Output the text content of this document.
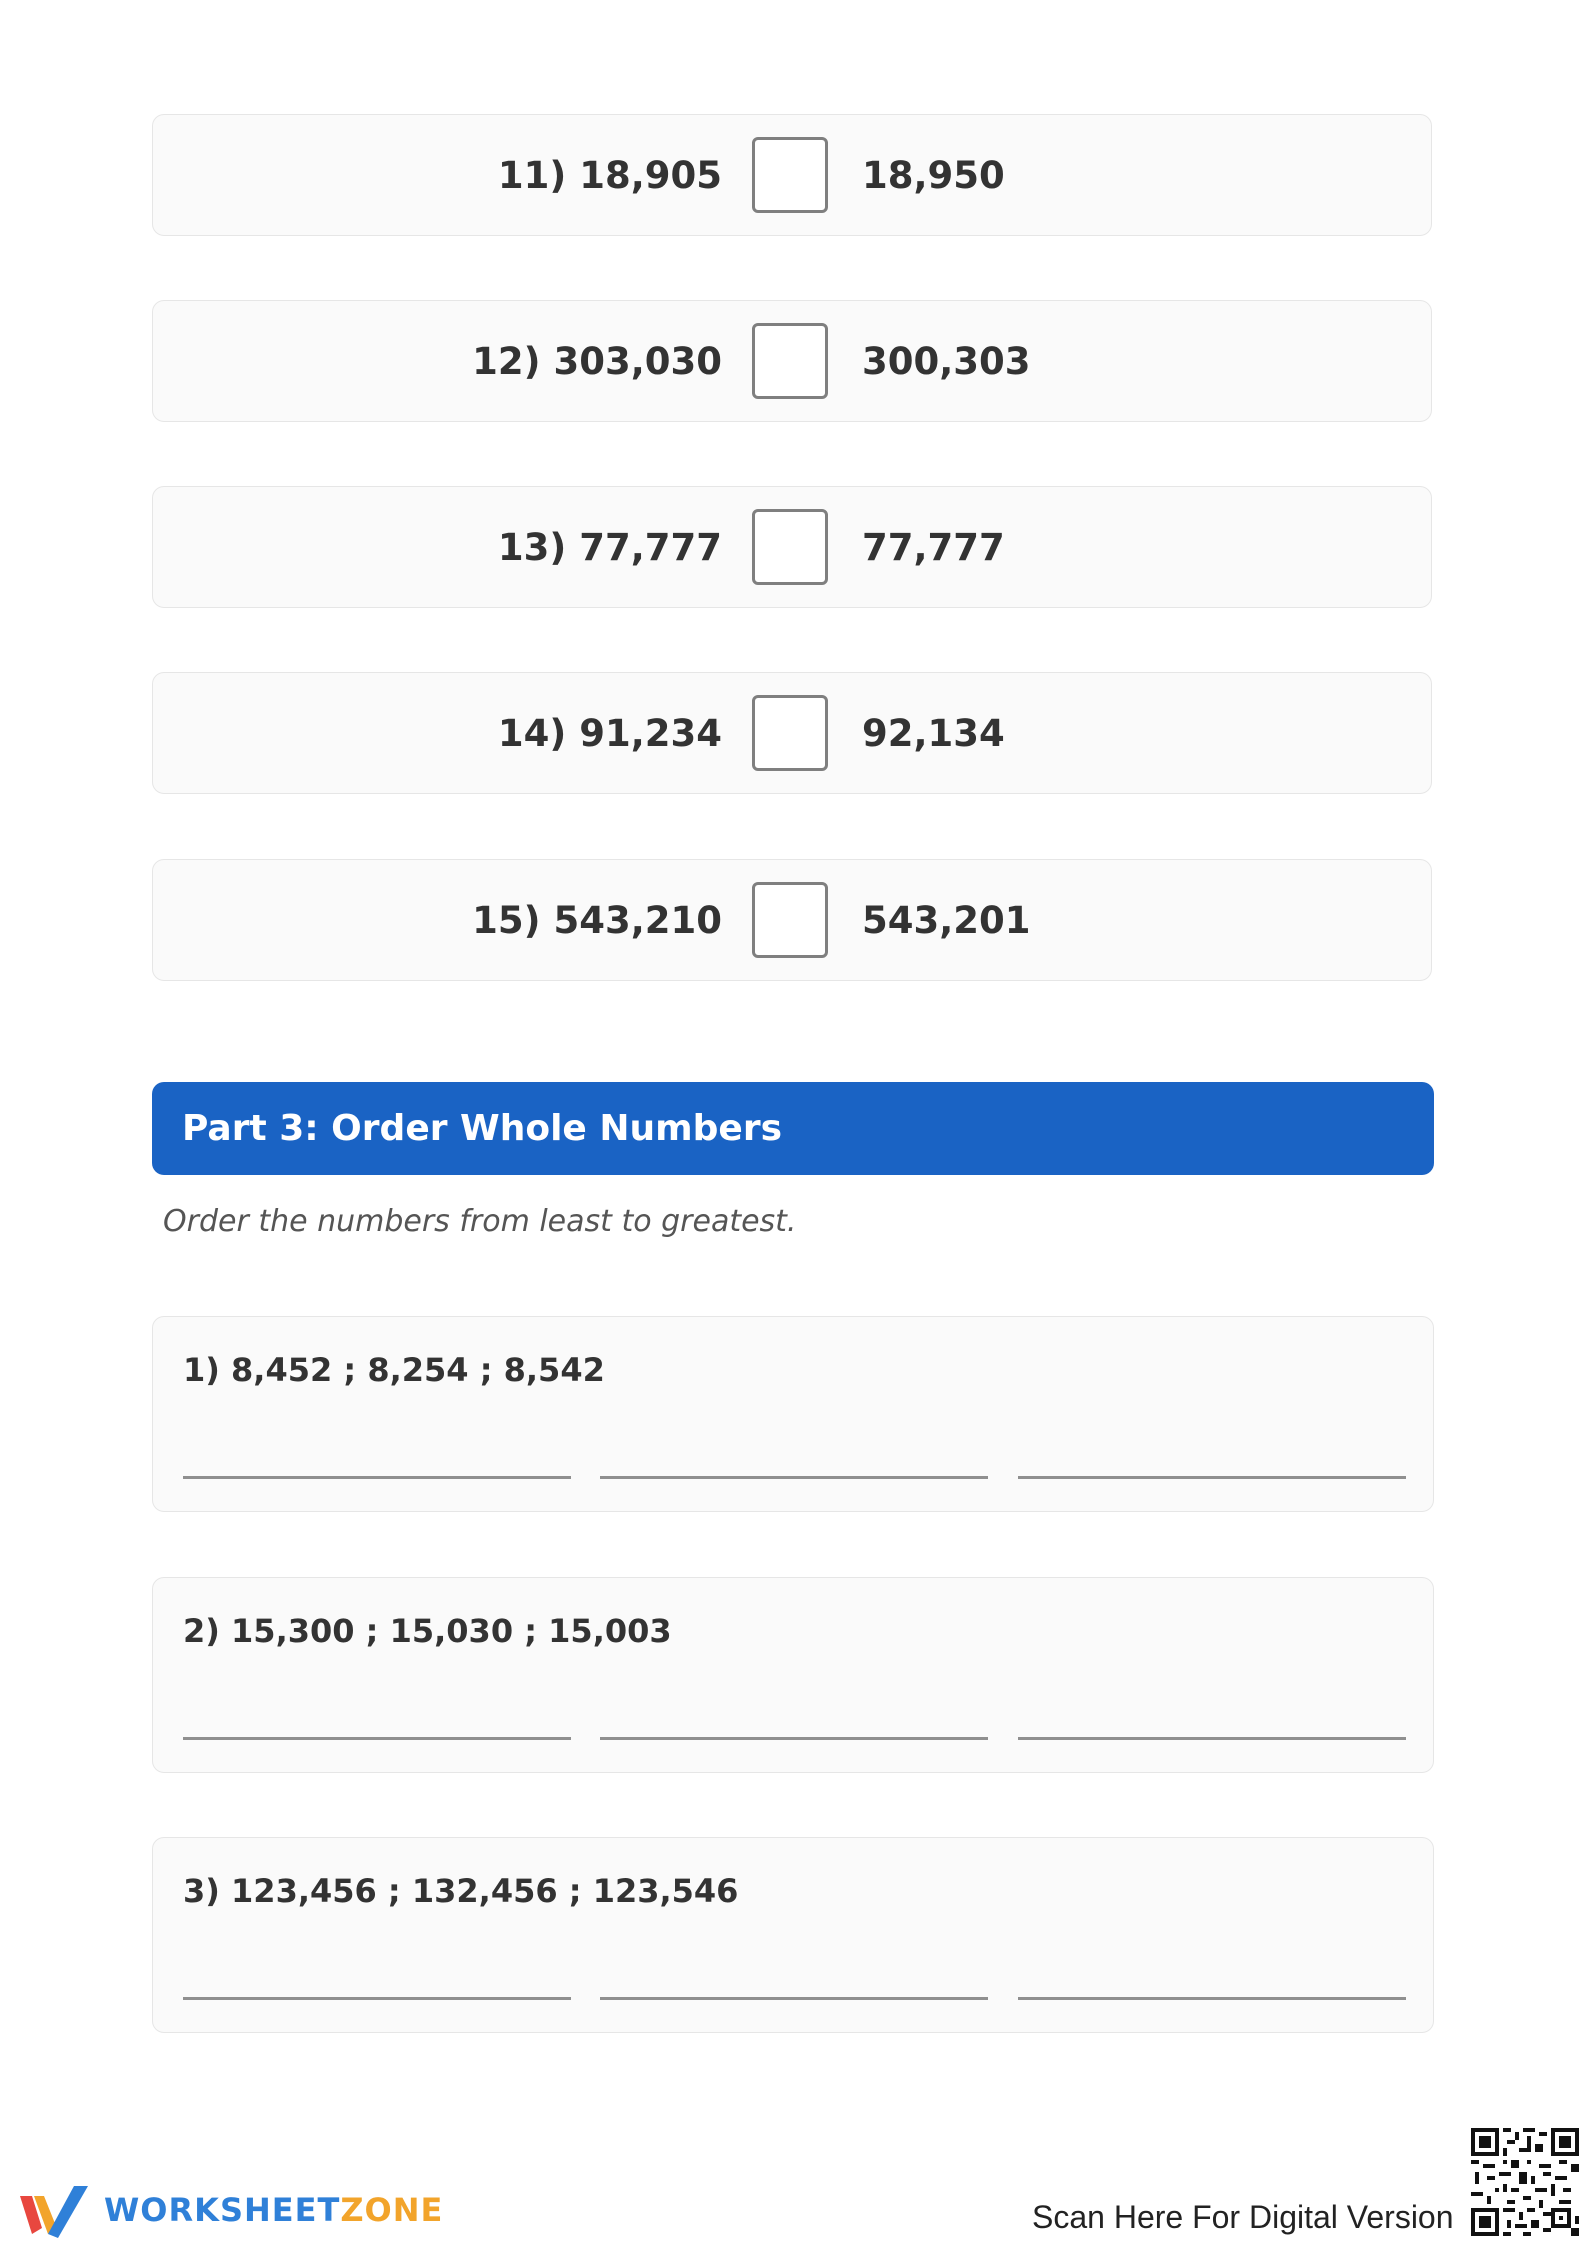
11) 18,905	18,950
12) 303,030	300,303
13) 77,777	77,777
14) 91,234	92,134
15) 543,210	543,201
Part 3: Order Whole Numbers
Order the numbers from least to greatest.
1) 8,452 ; 8,254 ; 8,542
2) 15,300 ; 15,030 ; 15,003
3) 123,456 ; 132,456 ; 123,546
WORKSHEETZONE	Scan Here For Digital Version
